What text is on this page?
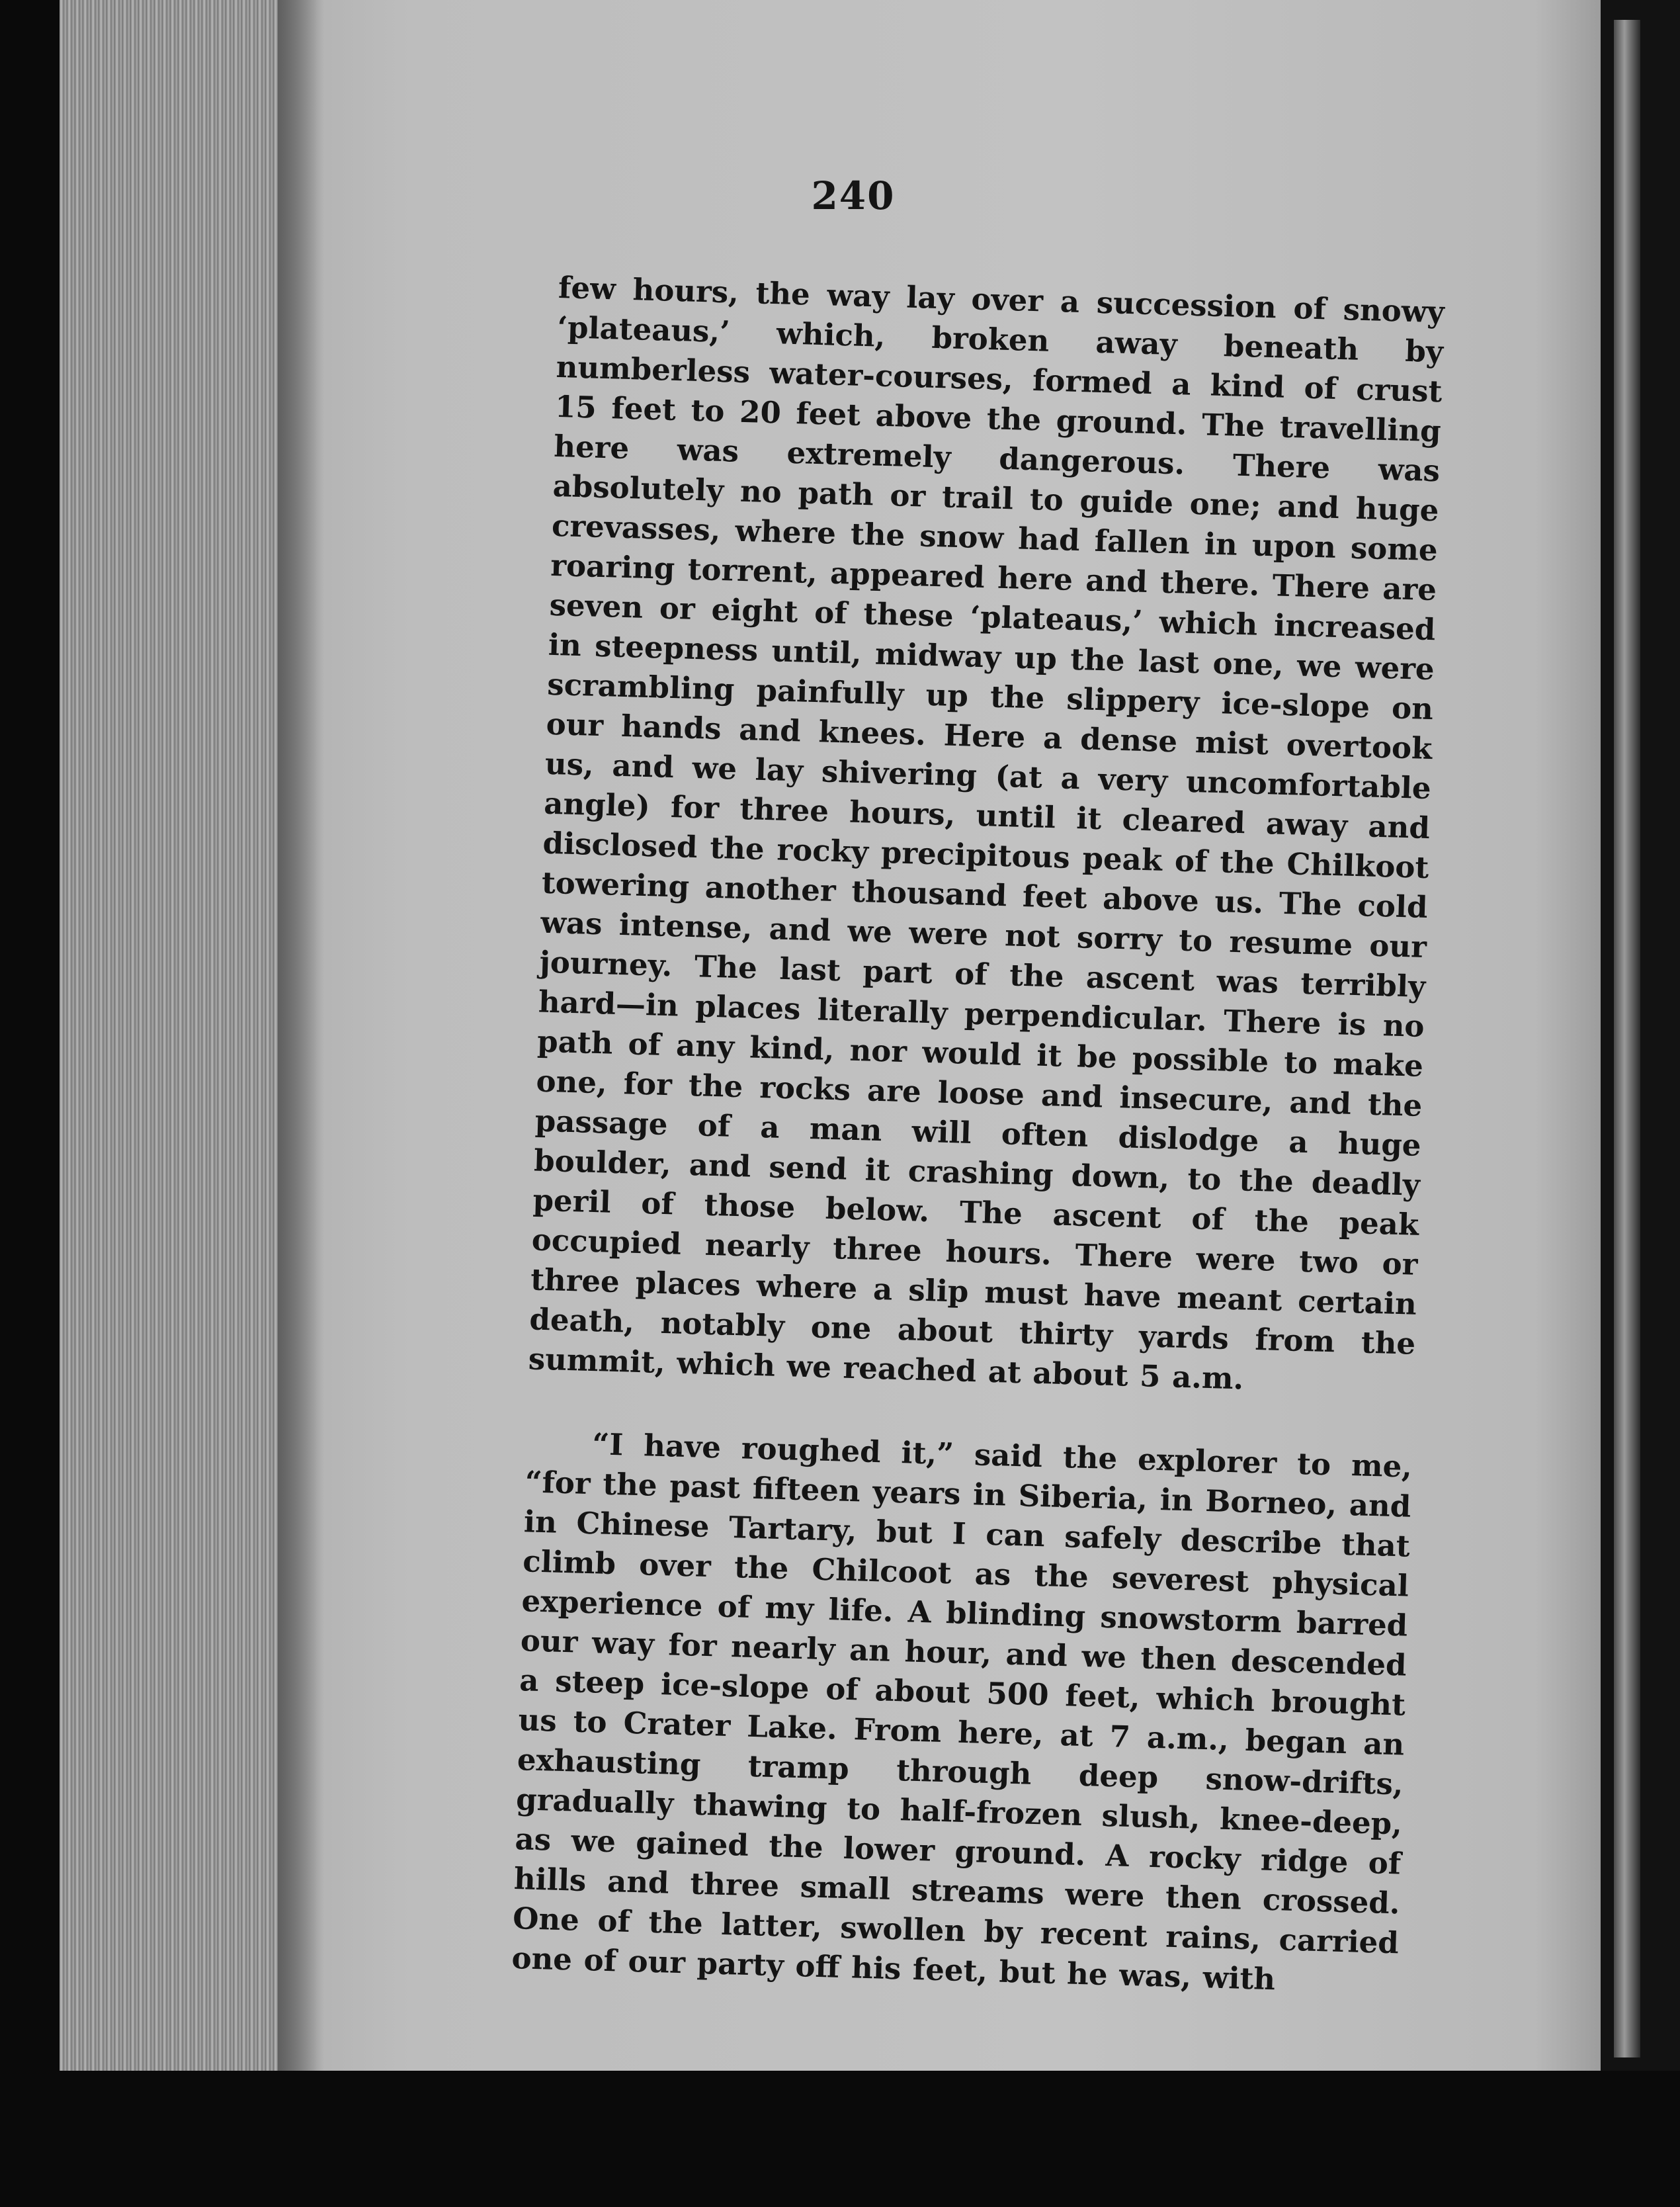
240

few hours, the way lay over a succession of snowy ‘plateaus,’ which, broken away beneath by numberless water-courses, formed a kind of crust 15 feet to 20 feet above the ground. The travelling here was extremely dangerous. There was absolutely no path or trail to guide one; and huge crevasses, where the snow had fallen in upon some roaring torrent, appeared here and there. There are seven or eight of these ‘plateaus,’ which increased in steepness until, midway up the last one, we were scrambling painfully up the slippery ice-slope on our hands and knees. Here a dense mist overtook us, and we lay shivering (at a very uncomfortable angle) for three hours, until it cleared away and disclosed the rocky precipitous peak of the Chilkoot towering another thousand feet above us. The cold was intense, and we were not sorry to resume our journey. The last part of the ascent was terribly hard—in places literally perpendicular. There is no path of any kind, nor would it be possible to make one, for the rocks are loose and insecure, and the passage of a man will often dislodge a huge boulder, and send it crashing down, to the deadly peril of those below. The ascent of the peak occupied nearly three hours. There were two or three places where a slip must have meant certain death, notably one about thirty yards from the summit, which we reached at about 5 a.m.

“I have roughed it,” said the explorer to me, “for the past fifteen years in Siberia, in Borneo, and in Chinese Tartary, but I can safely describe that climb over the Chilcoot as the severest physical experience of my life. A blinding snowstorm barred our way for nearly an hour, and we then descended a steep ice-slope of about 500 feet, which brought us to Crater Lake. From here, at 7 a.m., began an exhausting tramp through deep snow-drifts, gradually thawing to half-frozen slush, knee-deep, as we gained the lower ground. A rocky ridge of hills and three small streams were then crossed. One of the latter, swollen by recent rains, carried one of our party off his feet, but he was, with
